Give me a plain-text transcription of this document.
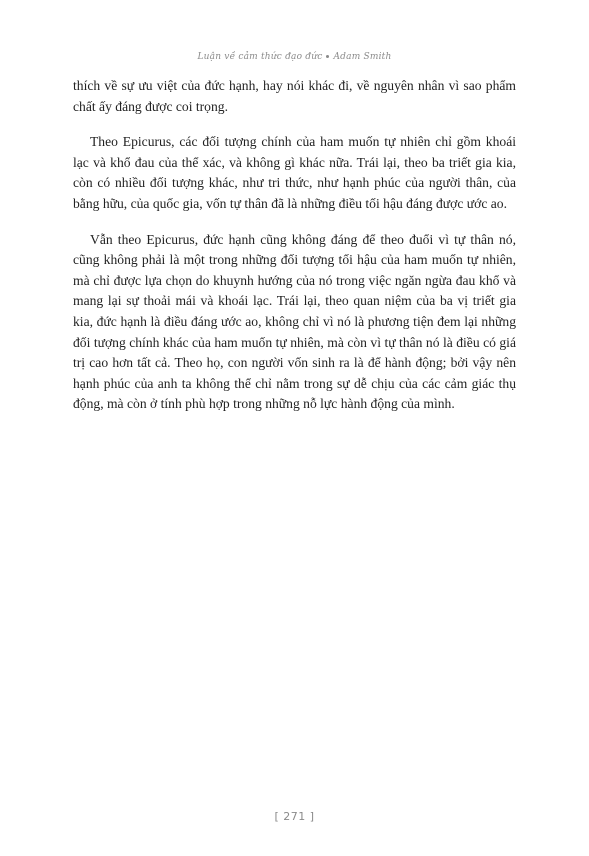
Luận về cảm thức đạo đức Adam Smith

thích về sự ưu việt của đức hạnh, hay nói khác đi, về nguyên nhân vì sao phẩm chất ấy đáng được coi trọng.

Theo Epicurus, các đối tượng chính của ham muốn tự nhiên chỉ gồm khoái lạc và khổ đau của thể xác, và không gì khác nữa. Trái lại, theo ba triết gia kia, còn có nhiều đối tượng khác, như tri thức, như hạnh phúc của người thân, của bằng hữu, của quốc gia, vốn tự thân đã là những điều tối hậu đáng được ước ao.

Vẫn theo Epicurus, đức hạnh cũng không đáng để theo đuổi vì tự thân nó, cũng không phải là một trong những đối tượng tối hậu của ham muốn tự nhiên, mà chỉ được lựa chọn do khuynh hướng của nó trong việc ngăn ngừa đau khổ và mang lại sự thoải mái và khoái lạc. Trái lại, theo quan niệm của ba vị triết gia kia, đức hạnh là điều đáng ước ao, không chỉ vì nó là phương tiện đem lại những đối tượng chính khác của ham muốn tự nhiên, mà còn vì tự thân nó là điều có giá trị cao hơn tất cả. Theo họ, con người vốn sinh ra là để hành động; bởi vậy nên hạnh phúc của anh ta không thể chỉ nằm trong sự dễ chịu của các cảm giác thụ động, mà còn ở tính phù hợp trong những nỗ lực hành động của mình.

[ 271 ]
